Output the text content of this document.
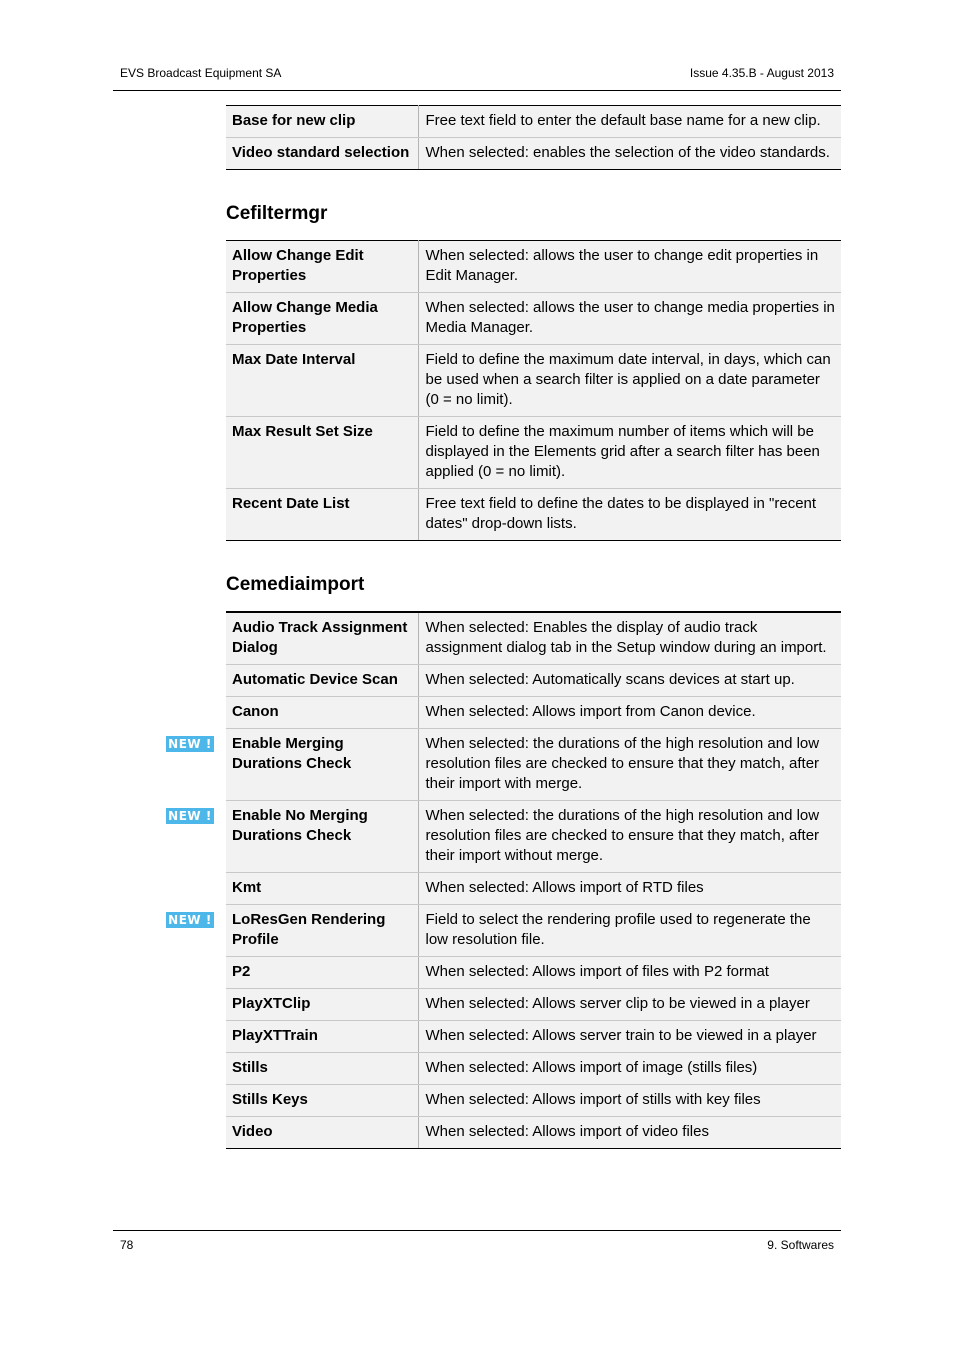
EVS Broadcast Equipment SA	Issue 4.35.B - August 2013
Base for new clip	Free text field to enter the default base name for a new clip.
Video standard selection	When selected: enables the selection of the video standards.
Cefiltermgr
Allow Change Edit Properties	When selected: allows the user to change edit properties in Edit Manager.
Allow Change Media Properties	When selected: allows the user to change media properties in Media Manager.
Max Date Interval	Field to define the maximum date interval, in days, which can be used when a search filter is applied on a date parameter (0 = no limit).
Max Result Set Size	Field to define the maximum number of items which will be displayed in the Elements grid after a search filter has been applied (0 = no limit).
Recent Date List	Free text field to define the dates to be displayed in "recent dates" drop-down lists.
Cemediaimport
Audio Track Assignment Dialog	When selected: Enables the display of audio track assignment dialog tab in the Setup window during an import.
Automatic Device Scan	When selected: Automatically scans devices at start up.
Canon	When selected: Allows import from Canon device.

NEW ! Enable Merging Durations Check	When selected: the durations of the high resolution and low resolution files are checked to ensure that they match, after their import with merge.

NEW ! Enable No Merging Durations Check	When selected: the durations of the high resolution and low resolution files are checked to ensure that they match, after their import without merge.
Kmt	When selected: Allows import of RTD files

NEW ! LoResGen Rendering Profile	Field to select the rendering profile used to regenerate the low resolution file.
P2	When selected: Allows import of files with P2 format
PlayXTClip	When selected: Allows server clip to be viewed in a player
PlayXTTrain	When selected: Allows server train to be viewed in a player
Stills	When selected: Allows import of image (stills files)
Stills Keys	When selected: Allows import of stills with key files
Video	When selected: Allows import of video files
78	9. Softwares
